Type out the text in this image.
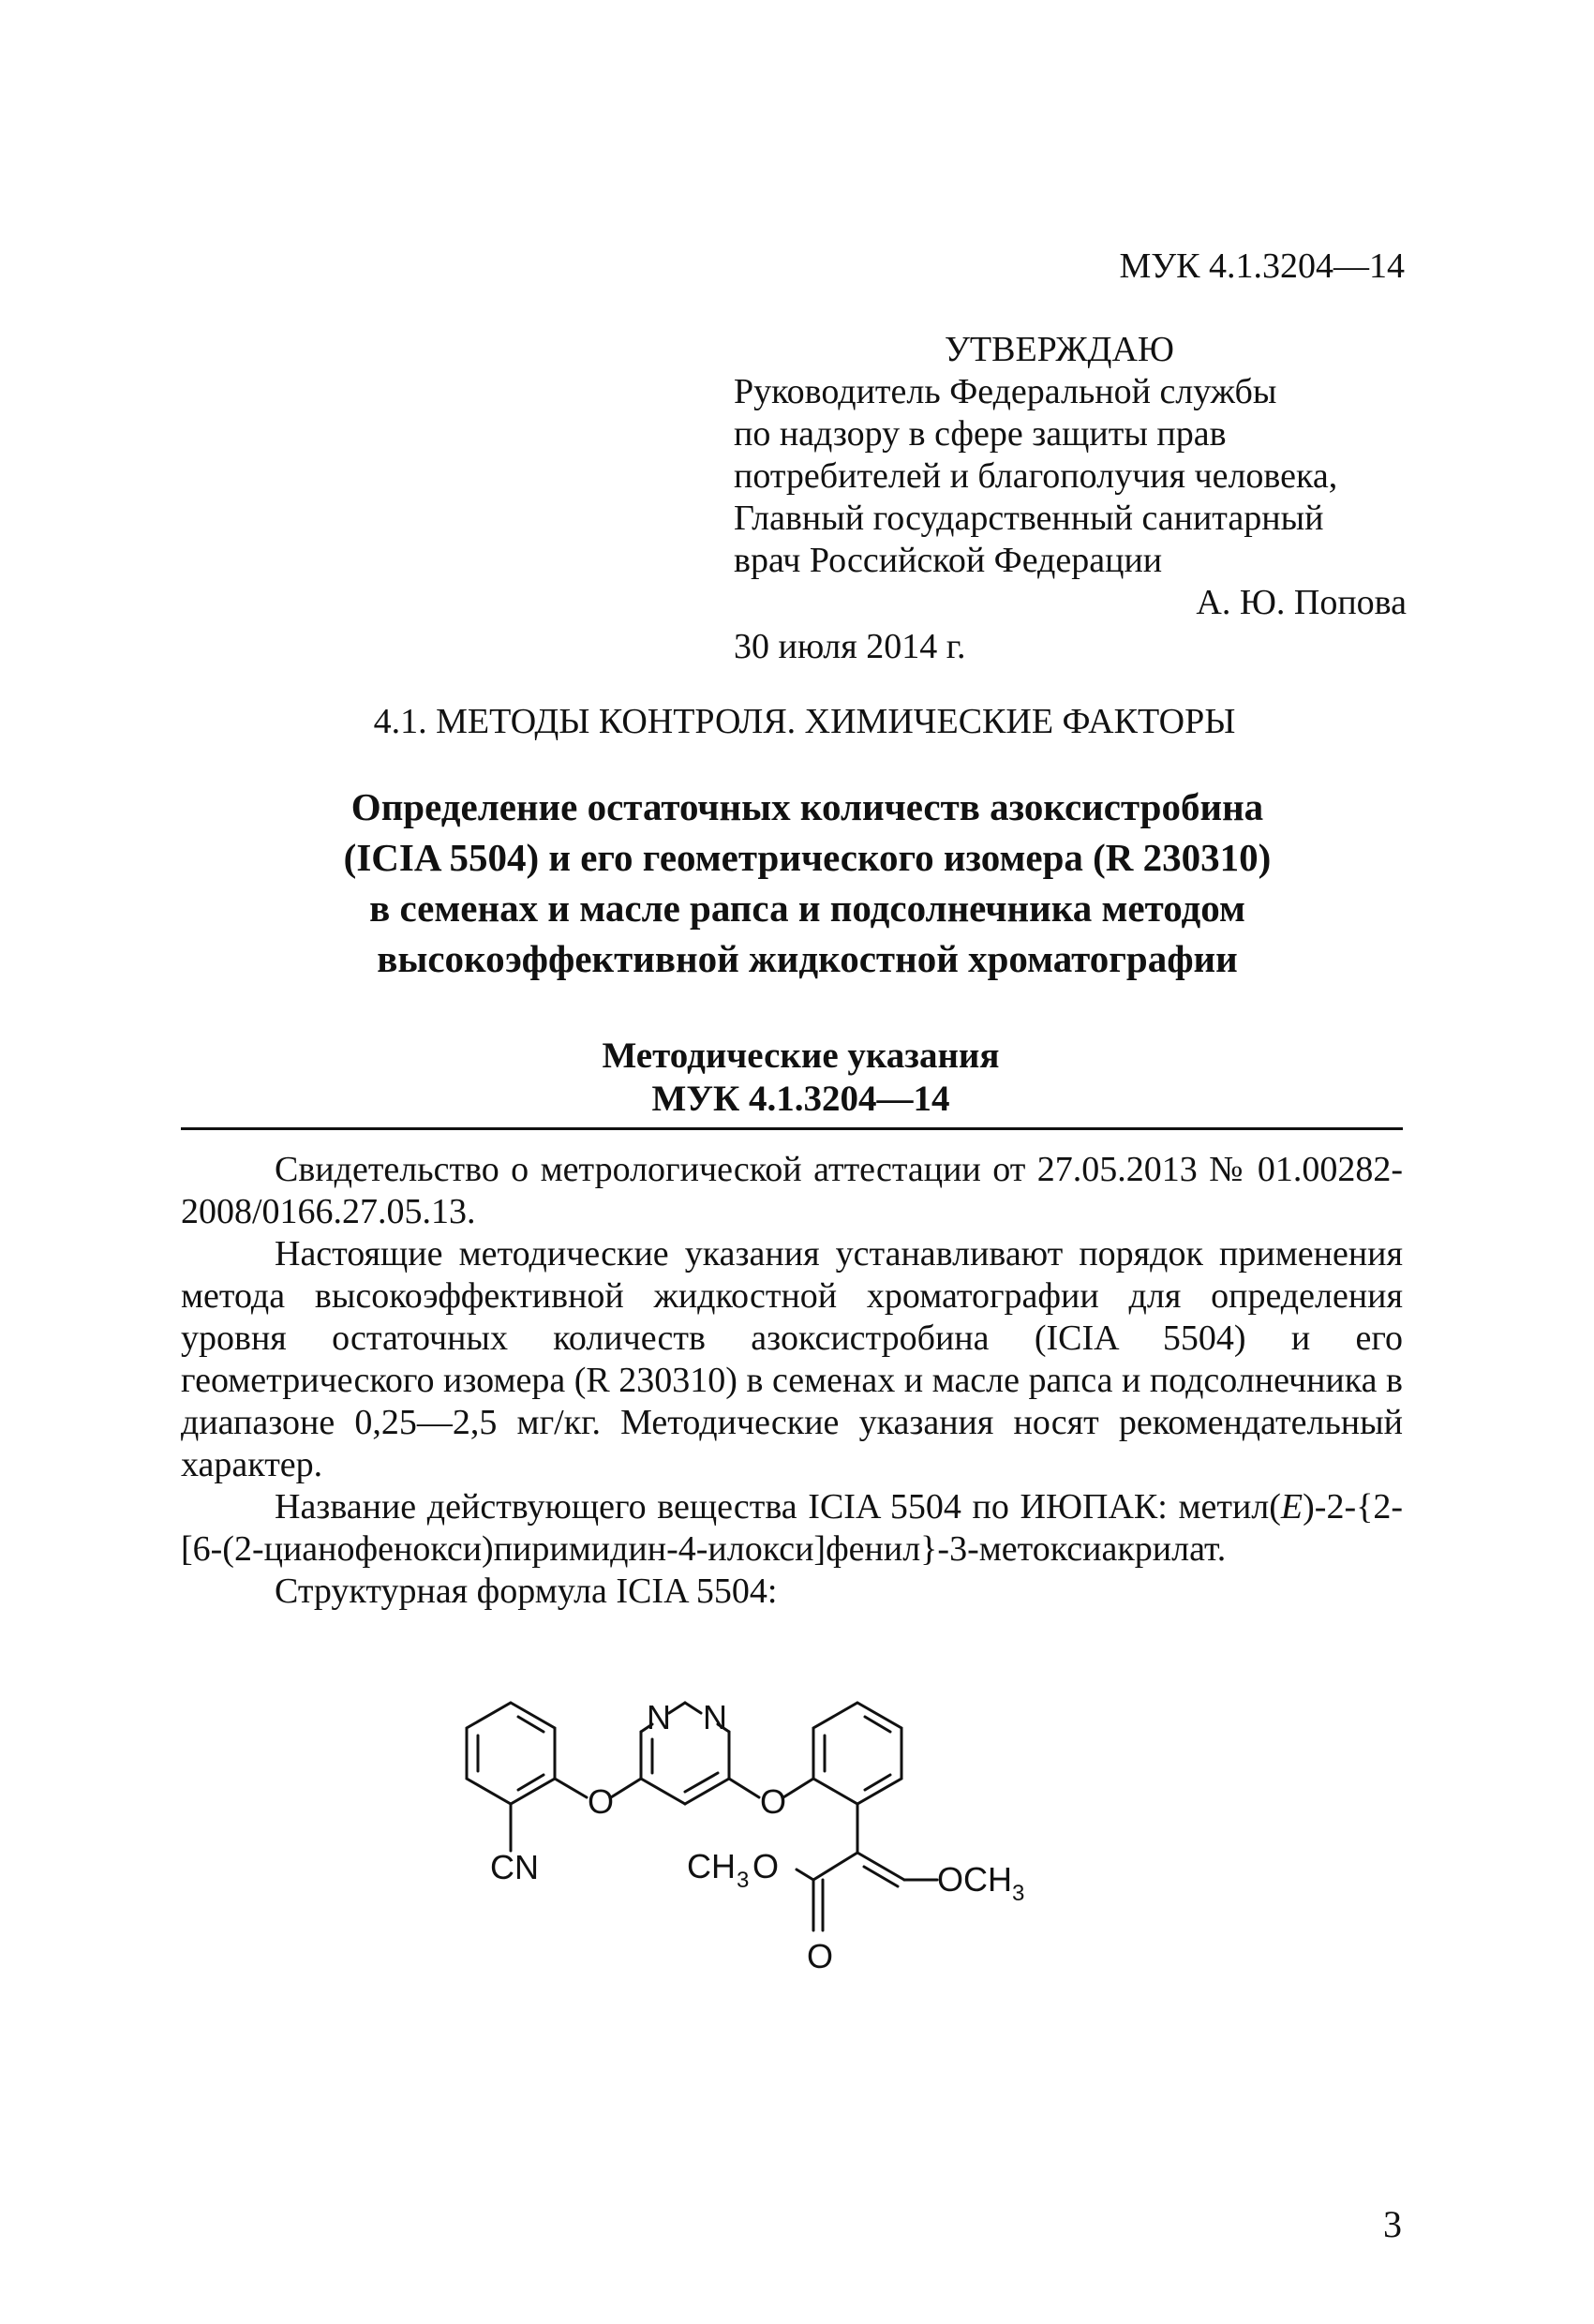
МУК 4.1.3204—14
УТВЕРЖДАЮ
Руководитель Федеральной службы
по надзору в сфере защиты прав
потребителей и благополучия человека,
Главный государственный санитарный
врач Российской Федерации
А. Ю. Попова
30 июля 2014 г.
4.1. МЕТОДЫ КОНТРОЛЯ. ХИМИЧЕСКИЕ ФАКТОРЫ
Определение остаточных количеств азоксистробина
(ICIA 5504) и его геометрического изомера (R 230310)
в семенах и масле рапса и подсолнечника методом
высокоэффективной жидкостной хроматографии
Методические указания
МУК 4.1.3204—14

Свидетельство о метрологической аттестации от 27.05.2013 № 01.00282-2008/0166.27.05.13.

Настоящие методические указания устанавливают порядок применения метода высокоэффективной жидкостной хроматографии для определения уровня остаточных количеств азоксистробина (ICIA 5504) и его геометрического изомера (R 230310) в семенах и масле рапса и подсолнечника в диапазоне 0,25—2,5 мг/кг. Методические указания носят рекомендательный характер.

Название действующего вещества ICIA 5504 по ИЮПАК: метил(E)-2-{2-[6-(2-цианофенокси)пиримидин-4-илокси]фенил}-3-метоксиакрилат.

Структурная формула ICIA 5504:

N N
O	O
CN	CH 3 O	OCH 3
O
3
